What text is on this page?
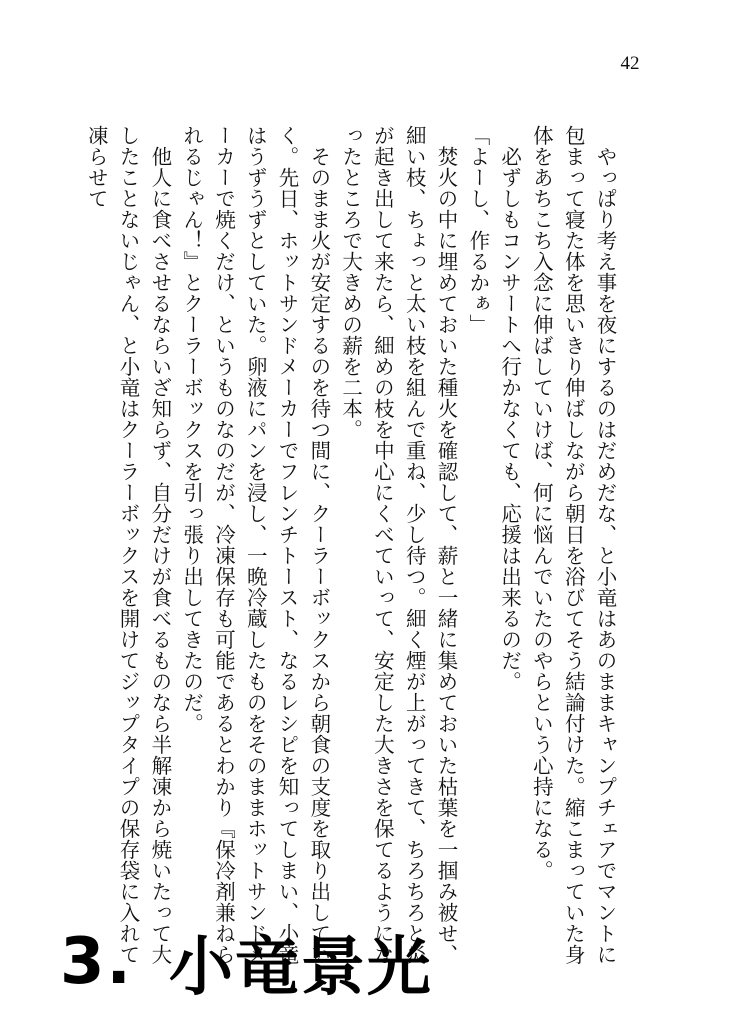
42

やっぱり考え事を夜にするのはだめだな、と小竜はあのままキャンプチェアでマントに包まって寝た体を思いきり伸ばしながら朝日を浴びてそう結論付けた。縮こまっていた身体をあちこち入念に伸ばしていけば、何に悩んでいたのやらという心持になる。

必ずしもコンサートへ行かなくても、応援は出来るのだ。

「よーし、作るかぁ」

焚火の中に埋めておいた種火を確認して、薪と一緒に集めておいた枯葉を一掴み被せ、細い枝、ちょっと太い枝を組んで重ね、少し待つ。細く煙が上がってきて、ちろちろと炎が起き出して来たら、細めの枝を中心にくべていって、安定した大きさを保てるようになったところで大きめの薪を二本。

そのまま火が安定するのを待つ間に、クーラーボックスから朝食の支度を取り出していく。先日、ホットサンドメーカーでフレンチトースト、なるレシピを知ってしまい、小竜はうずうずとしていた。卵液にパンを浸し、一晩冷蔵したものをそのままホットサンドメーカーで焼くだけ、というものなのだが、冷凍保存も可能であるとわかり『保冷剤兼ねられるじゃん！』とクーラーボックスを引っ張り出してきたのだ。

他人に食べさせるならいざ知らず、自分だけが食べるものなら半解凍から焼いたって大したことないじゃん、と小竜はクーラーボックスを開けてジップタイプの保存袋に入れて凍らせて

3. 小竜景光
